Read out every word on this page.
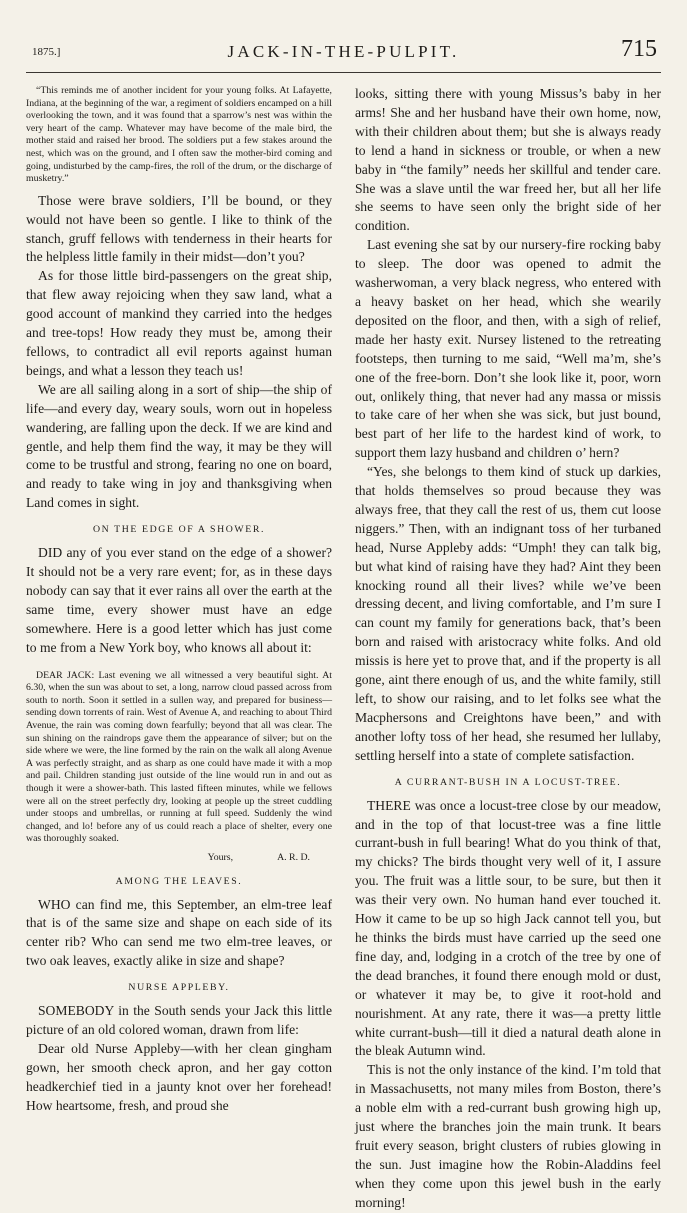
1875.]	JACK-IN-THE-PULPIT.	715

“This reminds me of another incident for your young folks. At Lafayette, Indiana, at the beginning of the war, a regiment of soldiers encamped on a hill overlooking the town, and it was found that a sparrow’s nest was within the very heart of the camp. Whatever may have become of the male bird, the mother staid and raised her brood. The soldiers put a few stakes around the nest, which was on the ground, and I often saw the mother-bird coming and going, undisturbed by the camp-fires, the roll of the drum, or the discharge of musketry.”

Those were brave soldiers, I’ll be bound, or they would not have been so gentle. I like to think of the stanch, gruff fellows with tenderness in their hearts for the helpless little family in their midst—don’t you?

As for those little bird-passengers on the great ship, that flew away rejoicing when they saw land, what a good account of mankind they carried into the hedges and tree-tops! How ready they must be, among their fellows, to contradict all evil reports against human beings, and what a lesson they teach us!

We are all sailing along in a sort of ship—the ship of life—and every day, weary souls, worn out in hopeless wandering, are falling upon the deck. If we are kind and gentle, and help them find the way, it may be they will come to be trustful and strong, fearing no one on board, and ready to take wing in joy and thanksgiving when Land comes in sight.

ON THE EDGE OF A SHOWER.

DID any of you ever stand on the edge of a shower? It should not be a very rare event; for, as in these days nobody can say that it ever rains all over the earth at the same time, every shower must have an edge somewhere. Here is a good letter which has just come to me from a New York boy, who knows all about it:

DEAR JACK: Last evening we all witnessed a very beautiful sight. At 6.30, when the sun was about to set, a long, narrow cloud passed across from south to north. Soon it settled in a sullen way, and prepared for business—sending down torrents of rain. West of Avenue A, and reaching to about Third Avenue, the rain was coming down fearfully; beyond that all was clear. The sun shining on the raindrops gave them the appearance of silver; but on the side where we were, the line formed by the rain on the walk all along Avenue A was perfectly straight, and as sharp as one could have made it with a mop and pail. Children standing just outside of the line would run in and out as though it were a shower-bath. This lasted fifteen minutes, while we fellows were all on the street perfectly dry, looking at people up the street cuddling under stoops and umbrellas, or running at full speed. Suddenly the wind changed, and lo! before any of us could reach a place of shelter, every one was thoroughly soaked.

Yours,	A. R. D.
AMONG THE LEAVES.

WHO can find me, this September, an elm-tree leaf that is of the same size and shape on each side of its center rib? Who can send me two elm-tree leaves, or two oak leaves, exactly alike in size and shape?

NURSE APPLEBY.

SOMEBODY in the South sends your Jack this little picture of an old colored woman, drawn from life:

Dear old Nurse Appleby—with her clean gingham gown, her smooth check apron, and her gay cotton headkerchief tied in a jaunty knot over her forehead! How heartsome, fresh, and proud she

looks, sitting there with young Missus’s baby in her arms! She and her husband have their own home, now, with their children about them; but she is always ready to lend a hand in sickness or trouble, or when a new baby in “the family” needs her skillful and tender care. She was a slave until the war freed her, but all her life she seems to have seen only the bright side of her condition.

Last evening she sat by our nursery-fire rocking baby to sleep. The door was opened to admit the washerwoman, a very black negress, who entered with a heavy basket on her head, which she wearily deposited on the floor, and then, with a sigh of relief, made her hasty exit. Nursey listened to the retreating footsteps, then turning to me said, “Well ma’m, she’s one of the free-born. Don’t she look like it, poor, worn out, onlikely thing, that never had any massa or missis to take care of her when she was sick, but just bound, best part of her life to the hardest kind of work, to support them lazy husband and children o’ hern?

“Yes, she belongs to them kind of stuck up darkies, that holds themselves so proud because they was always free, that they call the rest of us, them cut loose niggers.” Then, with an indignant toss of her turbaned head, Nurse Appleby adds: “Umph! they can talk big, but what kind of raising have they had? Aint they been knocking round all their lives? while we’ve been dressing decent, and living comfortable, and I’m sure I can count my family for generations back, that’s been born and raised with aristocracy white folks. And old missis is here yet to prove that, and if the property is all gone, aint there enough of us, and the white family, still left, to show our raising, and to let folks see what the Macphersons and Creightons have been,” and with another lofty toss of her head, she resumed her lullaby, settling herself into a state of complete satisfaction.

A CURRANT-BUSH IN A LOCUST-TREE.

THERE was once a locust-tree close by our meadow, and in the top of that locust-tree was a fine little currant-bush in full bearing! What do you think of that, my chicks? The birds thought very well of it, I assure you. The fruit was a little sour, to be sure, but then it was their very own. No human hand ever touched it. How it came to be up so high Jack cannot tell you, but he thinks the birds must have carried up the seed one fine day, and, lodging in a crotch of the tree by one of the dead branches, it found there enough mold or dust, or whatever it may be, to give it root-hold and nourishment. At any rate, there it was—a pretty little white currant-bush—till it died a natural death alone in the bleak Autumn wind.

This is not the only instance of the kind. I’m told that in Massachusetts, not many miles from Boston, there’s a noble elm with a red-currant bush growing high up, just where the branches join the main trunk. It bears fruit every season, bright clusters of rubies glowing in the sun. Just imagine how the Robin-Aladdins feel when they come upon this jewel bush in the early morning!
